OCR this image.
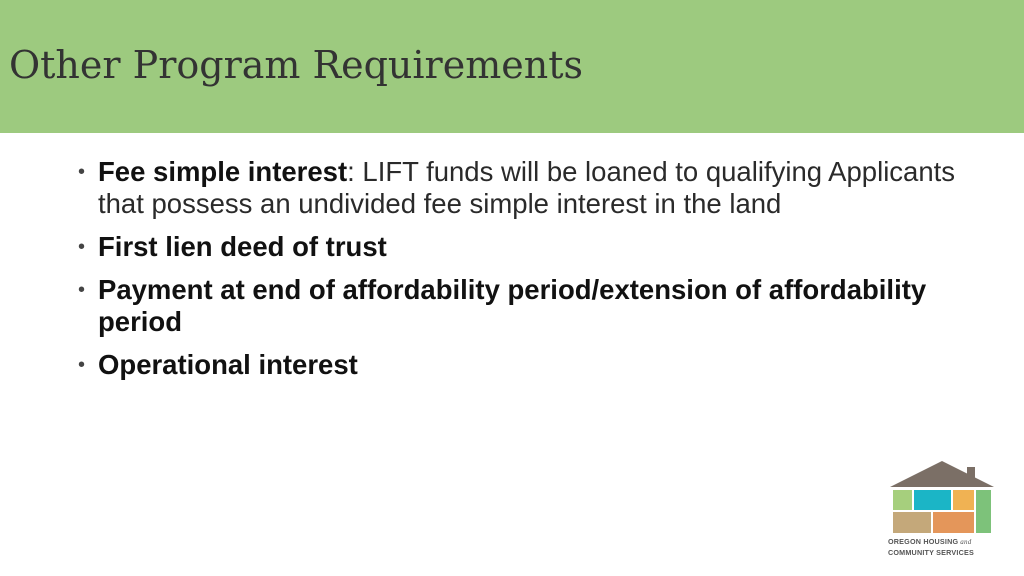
Other Program Requirements
• Fee simple interest: LIFT funds will be loaned to qualifying Applicants that possess an undivided fee simple interest in the land
• First lien deed of trust
• Payment at end of affordability period/extension of affordability period
• Operational interest
OREGON HOUSING and
COMMUNITY SERVICES
